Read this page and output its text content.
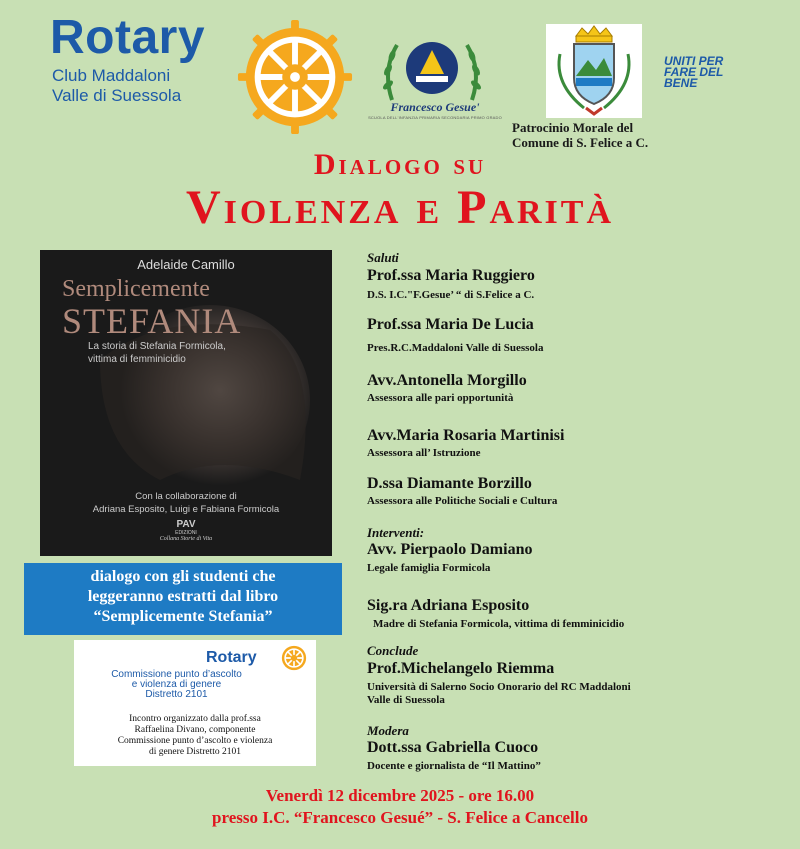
Rotary
Club Maddaloni
Valle di Suessola
Francesco Gesue'
SCUOLA DELL'INFANZIA PRIMARIA SECONDARIA PRIMO GRADO
UNITI PER
FARE DEL
BENE
Patrocinio Morale del
Comune di S. Felice a C.
Dialogo su
Violenza e Parità
Adelaide Camillo
Semplicemente
STEFANIA
La storia di Stefania Formicola,
vittima di femminicidio
Con la collaborazione di
Adriana Esposito, Luigi e Fabiana Formicola
PAV
EDIZIONI
Collana Storie di Vita
dialogo con gli studenti che
leggeranno estratti dal libro
“Semplicemente Stefania”
Rotary
Commissione punto d’ascolto
e violenza di genere
Distretto 2101
Incontro organizzato dalla prof.ssa
Raffaelina Divano, componente
Commissione punto d’ascolto e violenza
di genere Distretto 2101
Saluti
Prof.ssa Maria Ruggiero
D.S. I.C."F.Gesue’ “ di S.Felice a C.
Prof.ssa Maria De Lucia
Pres.R.C.Maddaloni Valle di Suessola
Avv.Antonella Morgillo
Assessora alle pari opportunità
Avv.Maria Rosaria Martinisi
Assessora all’ Istruzione
D.ssa Diamante Borzillo
Assessora alle Politiche Sociali e Cultura
Interventi:
Avv. Pierpaolo Damiano
Legale famiglia Formicola
Sig.ra Adriana Esposito
Madre di Stefania Formicola, vittima di femminicidio
Conclude
Prof.Michelangelo Riemma
Università di Salerno Socio Onorario del RC Maddaloni
Valle di Suessola
Modera
Dott.ssa Gabriella Cuoco
Docente e giornalista de “Il Mattino”
Venerdì 12 dicembre 2025 - ore 16.00
presso I.C. “Francesco Gesué” - S. Felice a Cancello
